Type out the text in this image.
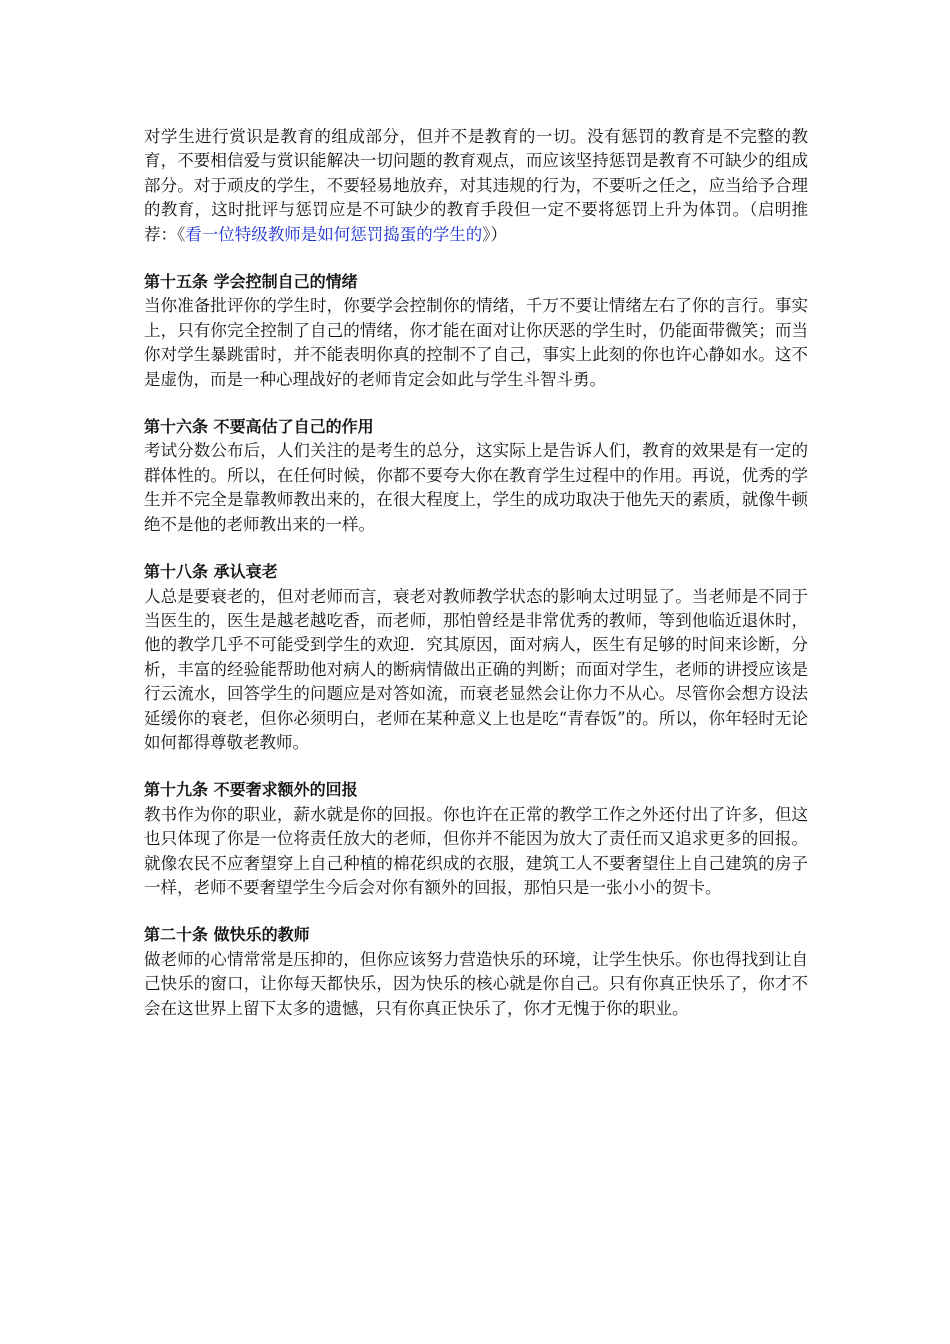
对学生进行赏识是教育的组成部分，但并不是教育的一切。没有惩罚的教育是不完整的教育，不要相信爱与赏识能解决一切问题的教育观点，而应该坚持惩罚是教育不可缺少的组成部分。对于顽皮的学生，不要轻易地放弃，对其违规的行为，不要听之任之，应当给予合理的教育，这时批评与惩罚应是不可缺少的教育手段但一定不要将惩罚上升为体罚。（启明推荐：《看一位特级教师是如何惩罚捣蛋的学生的》）

第十五条 学会控制自己的情绪

当你准备批评你的学生时，你要学会控制你的情绪，千万不要让情绪左右了你的言行。事实上，只有你完全控制了自己的情绪，你才能在面对让你厌恶的学生时，仍能面带微笑；而当你对学生暴跳雷时，并不能表明你真的控制不了自己，事实上此刻的你也许心静如水。这不是虚伪，而是一种心理战好的老师肯定会如此与学生斗智斗勇。

第十六条 不要高估了自己的作用

考试分数公布后，人们关注的是考生的总分，这实际上是告诉人们，教育的效果是有一定的群体性的。所以，在任何时候，你都不要夸大你在教育学生过程中的作用。再说，优秀的学生并不完全是靠教师教出来的，在很大程度上，学生的成功取决于他先天的素质，就像牛顿绝不是他的老师教出来的一样。

第十八条 承认衰老

人总是要衰老的，但对老师而言，衰老对教师教学状态的影响太过明显了。当老师是不同于当医生的，医生是越老越吃香，而老师，那怕曾经是非常优秀的教师，等到他临近退休时，他的教学几乎不可能受到学生的欢迎．究其原因，面对病人，医生有足够的时间来诊断，分析，丰富的经验能帮助他对病人的断病情做出正确的判断；而面对学生，老师的讲授应该是行云流水，回答学生的问题应是对答如流，而衰老显然会让你力不从心。尽管你会想方设法延缓你的衰老，但你必须明白，老师在某种意义上也是吃“青春饭”的。所以，你年轻时无论如何都得尊敬老教师。

第十九条 不要奢求额外的回报

教书作为你的职业，薪水就是你的回报。你也许在正常的教学工作之外还付出了许多，但这也只体现了你是一位将责任放大的老师，但你并不能因为放大了责任而又追求更多的回报。就像农民不应奢望穿上自己种植的棉花织成的衣服，建筑工人不要奢望住上自己建筑的房子一样，老师不要奢望学生今后会对你有额外的回报，那怕只是一张小小的贺卡。

第二十条 做快乐的教师

做老师的心情常常是压抑的，但你应该努力营造快乐的环境，让学生快乐。你也得找到让自己快乐的窗口，让你每天都快乐，因为快乐的核心就是你自己。只有你真正快乐了，你才不会在这世界上留下太多的遗憾，只有你真正快乐了，你才无愧于你的职业。
